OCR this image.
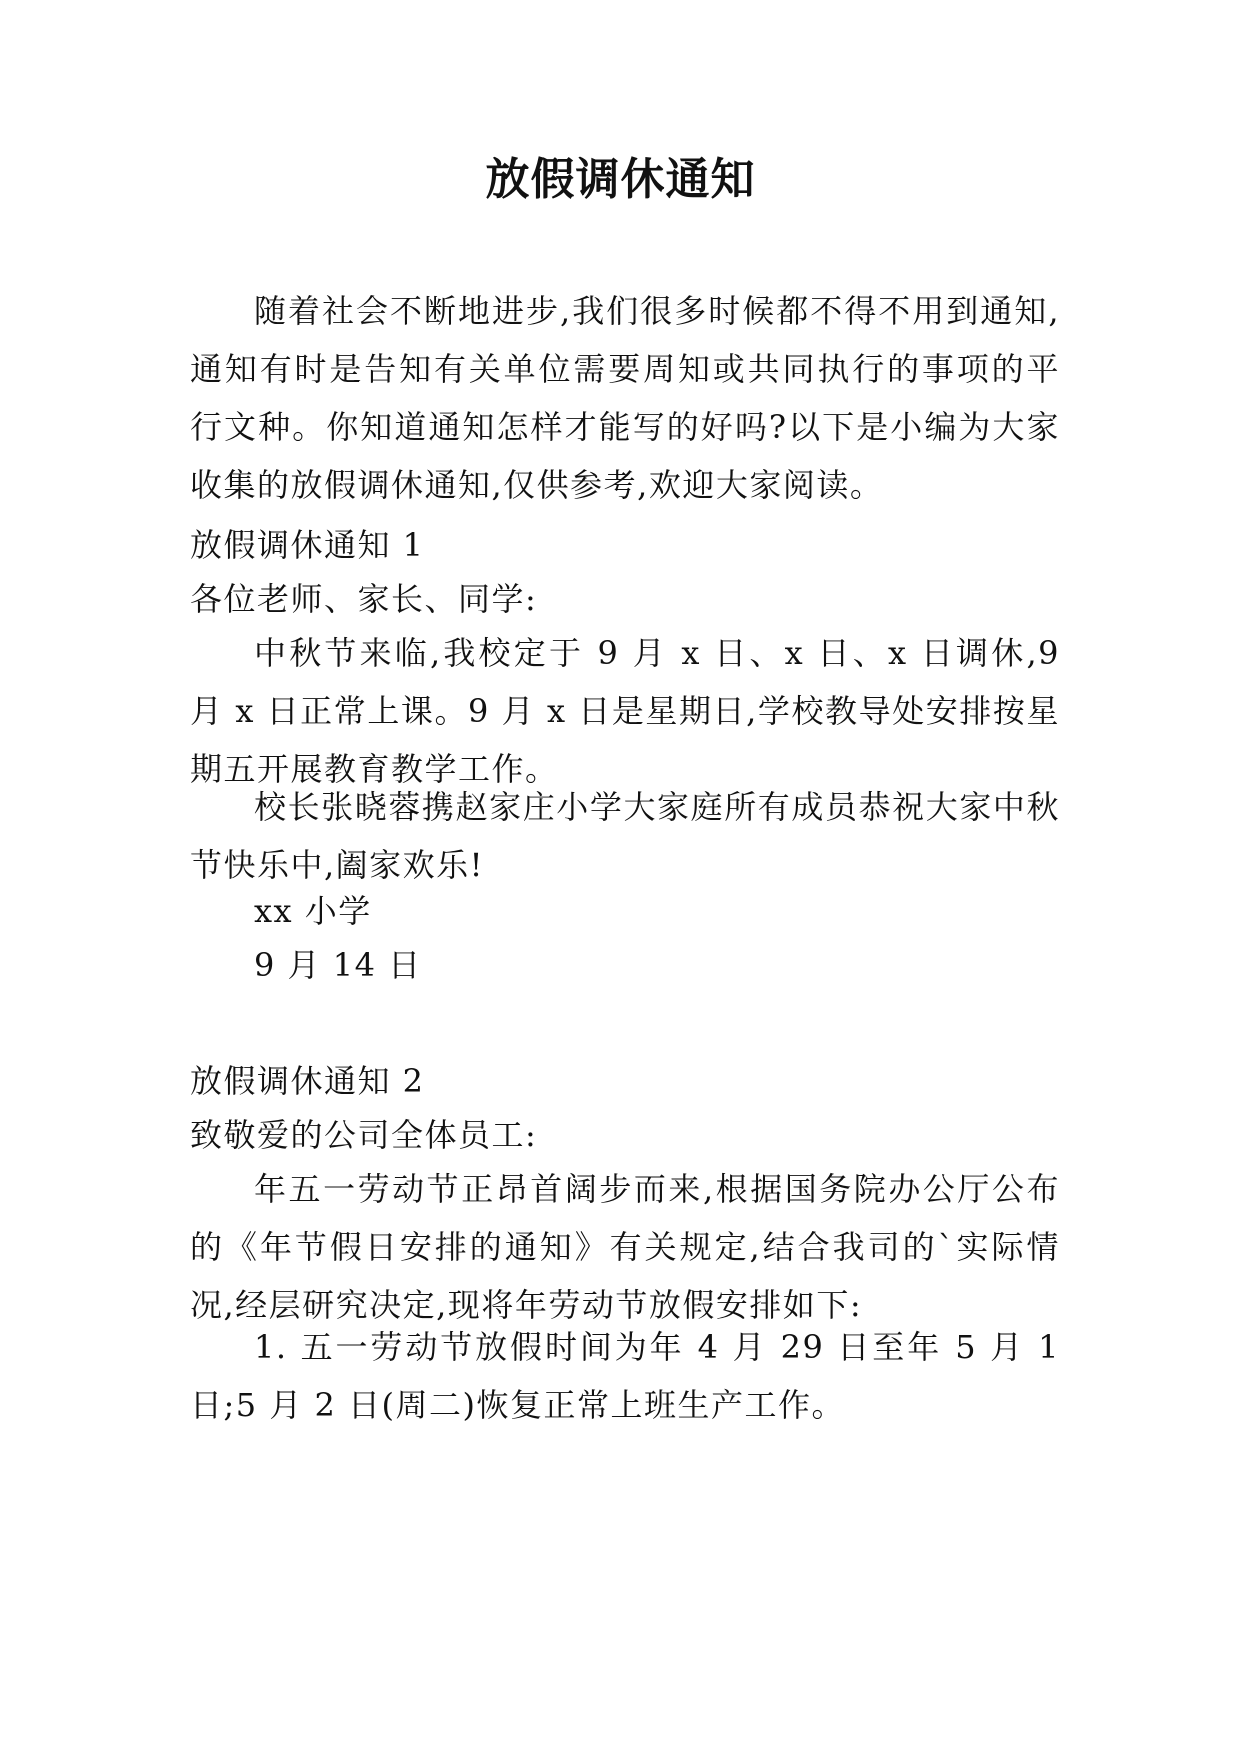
放假调休通知
随着社会不断地进步,我们很多时候都不得不用到通知,通知有时是告知有关单位需要周知或共同执行的事项的平行文种。你知道通知怎样才能写的好吗?以下是小编为大家收集的放假调休通知,仅供参考,欢迎大家阅读。
放假调休通知 1
各位老师、家长、同学:
中秋节来临,我校定于 9 月 x 日、x 日、x 日调休,9 月 x 日正常上课。9 月 x 日是星期日,学校教导处安排按星期五开展教育教学工作。
校长张晓蓉携赵家庄小学大家庭所有成员恭祝大家中秋节快乐中,阖家欢乐!
xx 小学
9 月 14 日
放假调休通知 2
致敬爱的公司全体员工:
年五一劳动节正昂首阔步而来,根据国务院办公厅公布的《年节假日安排的通知》有关规定,结合我司的`实际情况,经层研究决定,现将年劳动节放假安排如下:
1. 五一劳动节放假时间为年 4 月 29 日至年 5 月 1 日;5 月 2 日(周二)恢复正常上班生产工作。
